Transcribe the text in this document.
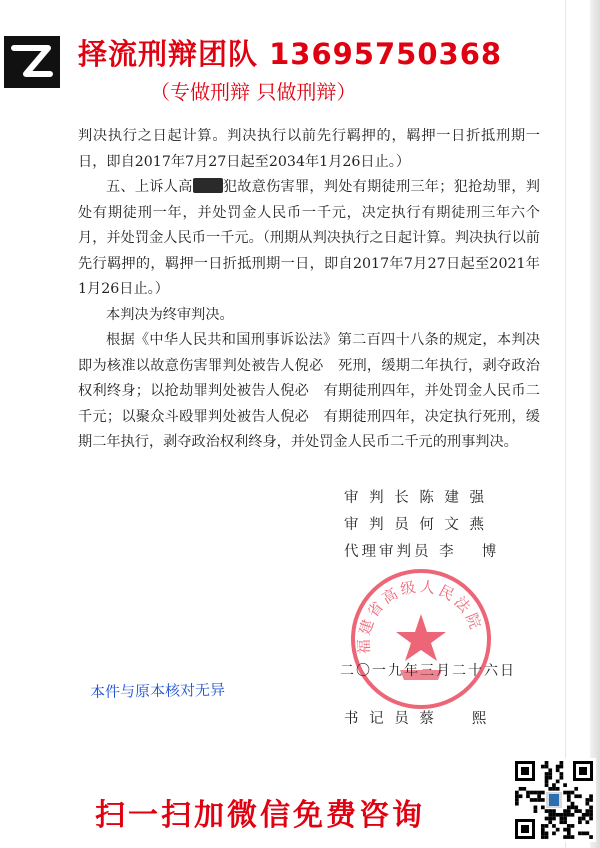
择流刑辩团队 13695750368
（专做刑辩 只做刑辩）

判决执行之日起计算。判决执行以前先行羁押的，羁押一日折抵刑期一日，即自2017年7月27日起至2034年1月26日止。）

五、上诉人高 犯故意伤害罪，判处有期徒刑三年；犯抢劫罪，判处有期徒刑一年，并处罚金人民币一千元，决定执行有期徒刑三年六个月，并处罚金人民币一千元。（刑期从判决执行之日起计算。判决执行以前先行羁押的，羁押一日折抵刑期一日，即自2017年7月27日起至2021年1月26日止。）

本判决为终审判决。

根据《中华人民共和国刑事诉讼法》第二百四十八条的规定，本判决即为核准以故意伤害罪判处被告人倪必　死刑，缓期二年执行，剥夺政治权利终身；以抢劫罪判处被告人倪必　有期徒刑四年，并处罚金人民币二千元；以聚众斗殴罪判处被告人倪必　有期徒刑四年，决定执行死刑，缓期二年执行，剥夺政治权利终身，并处罚金人民币二千元的刑事判决。

审 判 长 陈 建 强
审 判 员 何 文 燕
代理审判员 李　 博
福建省高级人民法院
二〇一九年三月二十六日
本件与原本核对无异
书 记 员 蔡　　熙
扫一扫加微信免费咨询
